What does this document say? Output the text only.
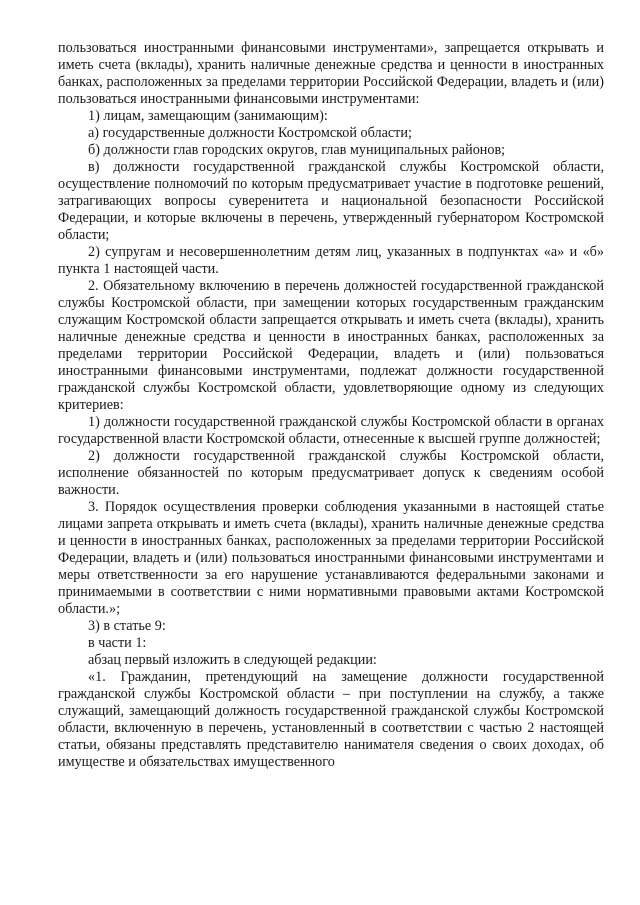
пользоваться иностранными финансовыми инструментами», запрещается открывать и иметь счета (вклады), хранить наличные денежные средства и ценности в иностранных банках, расположенных за пределами территории Российской Федерации, владеть и (или) пользоваться иностранными финансовыми инструментами:

1) лицам, замещающим (занимающим):

а) государственные должности Костромской области;

б) должности глав городских округов, глав муниципальных районов;

в) должности государственной гражданской службы Костромской области, осуществление полномочий по которым предусматривает участие в подготовке решений, затрагивающих вопросы суверенитета и национальной безопасности Российской Федерации, и которые включены в перечень, утвержденный губернатором Костромской области;

2) супругам и несовершеннолетним детям лиц, указанных в подпунктах «а» и «б» пункта 1 настоящей части.

2. Обязательному включению в перечень должностей государственной гражданской службы Костромской области, при замещении которых государственным гражданским служащим Костромской области запрещается открывать и иметь счета (вклады), хранить наличные денежные средства и ценности в иностранных банках, расположенных за пределами территории Российской Федерации, владеть и (или) пользоваться иностранными финансовыми инструментами, подлежат должности государственной гражданской службы Костромской области, удовлетворяющие одному из следующих критериев:

1) должности государственной гражданской службы Костромской области в органах государственной власти Костромской области, отнесенные к высшей группе должностей;

2) должности государственной гражданской службы Костромской области, исполнение обязанностей по которым предусматривает допуск к сведениям особой важности.

3. Порядок осуществления проверки соблюдения указанными в настоящей статье лицами запрета открывать и иметь счета (вклады), хранить наличные денежные средства и ценности в иностранных банках, расположенных за пределами территории Российской Федерации, владеть и (или) пользоваться иностранными финансовыми инструментами и меры ответственности за его нарушение устанавливаются федеральными законами и принимаемыми в соответствии с ними нормативными правовыми актами Костромской области.»;

3) в статье 9:

в части 1:

абзац первый изложить в следующей редакции:

«1. Гражданин, претендующий на замещение должности государственной гражданской службы Костромской области – при поступлении на службу, а также служащий, замещающий должность государственной гражданской службы Костромской области, включенную в перечень, установленный в соответствии с частью 2 настоящей статьи, обязаны представлять представителю нанимателя сведения о своих доходах, об имуществе и обязательствах имущественного
